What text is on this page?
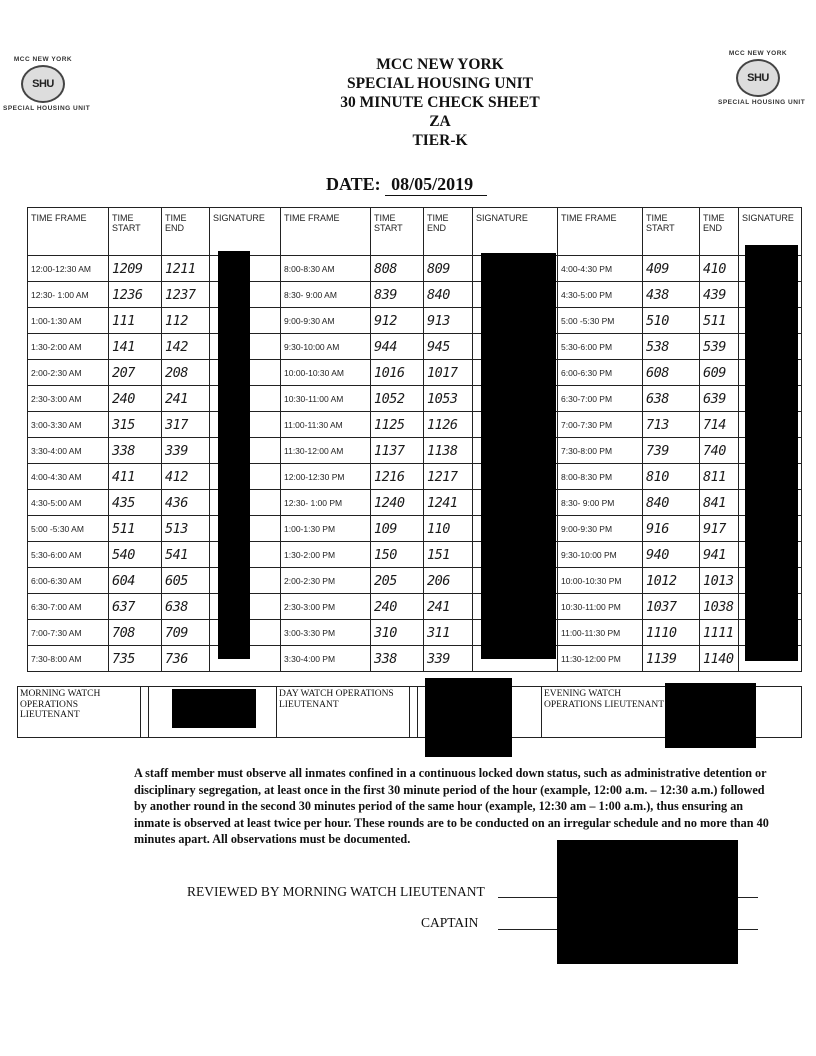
MCC NEW YORK
SHU
SPECIAL HOUSING UNIT
MCC NEW YORK
SHU
SPECIAL HOUSING UNIT
MCC NEW YORK
SPECIAL HOUSING UNIT
30 MINUTE CHECK SHEET
ZA
TIER-K
DATE: 08/05/2019
TIME FRAME	TIME START	TIME END	SIGNATURE	TIME FRAME	TIME START	TIME END	SIGNATURE	TIME FRAME	TIME START	TIME END	SIGNATURE
12:00-12:30 AM	1209	1211		8:00-8:30 AM	808	809		4:00-4:30 PM	409	410	
12:30- 1:00 AM	1236	1237		8:30- 9:00 AM	839	840		4:30-5:00 PM	438	439	
1:00-1:30 AM	111	112		9:00-9:30 AM	912	913		5:00 -5:30 PM	510	511	
1:30-2:00 AM	141	142		9:30-10:00 AM	944	945		5:30-6:00 PM	538	539	
2:00-2:30 AM	207	208		10:00-10:30 AM	1016	1017		6:00-6:30 PM	608	609	
2:30-3:00 AM	240	241		10:30-11:00 AM	1052	1053		6:30-7:00 PM	638	639	
3:00-3:30 AM	315	317		11:00-11:30 AM	1125	1126		7:00-7:30 PM	713	714	
3:30-4:00 AM	338	339		11:30-12:00 AM	1137	1138		7:30-8:00 PM	739	740	
4:00-4:30 AM	411	412		12:00-12:30 PM	1216	1217		8:00-8:30 PM	810	811	
4:30-5:00 AM	435	436		12:30- 1:00 PM	1240	1241		8:30- 9:00 PM	840	841	
5:00 -5:30 AM	511	513		1:00-1:30 PM	109	110		9:00-9:30 PM	916	917	
5:30-6:00 AM	540	541		1:30-2:00 PM	150	151		9:30-10:00 PM	940	941	
6:00-6:30 AM	604	605		2:00-2:30 PM	205	206		10:00-10:30 PM	1012	1013	
6:30-7:00 AM	637	638		2:30-3:00 PM	240	241		10:30-11:00 PM	1037	1038	
7:00-7:30 AM	708	709		3:00-3:30 PM	310	311		11:00-11:30 PM	1110	1111	
7:30-8:00 AM	735	736		3:30-4:00 PM	338	339		11:30-12:00 PM	1139	1140	
MORNING WATCH OPERATIONS LIEUTENANT			DAY WATCH OPERATIONS LIEUTENANT			EVENING WATCH OPERATIONS LIEUTENANT	
A staff member must observe all inmates confined in a continuous locked down status, such as administrative detention or disciplinary segregation, at least once in the first 30 minute period of the hour (example, 12:00 a.m. – 12:30 a.m.) followed by another round in the second 30 minutes period of the same hour (example, 12:30 am – 1:00 a.m.), thus ensuring an inmate is observed at least twice per hour. These rounds are to be conducted on an irregular schedule and no more than 40 minutes apart. All observations must be documented.
REVIEWED BY MORNING WATCH LIEUTENANT
CAPTAIN
